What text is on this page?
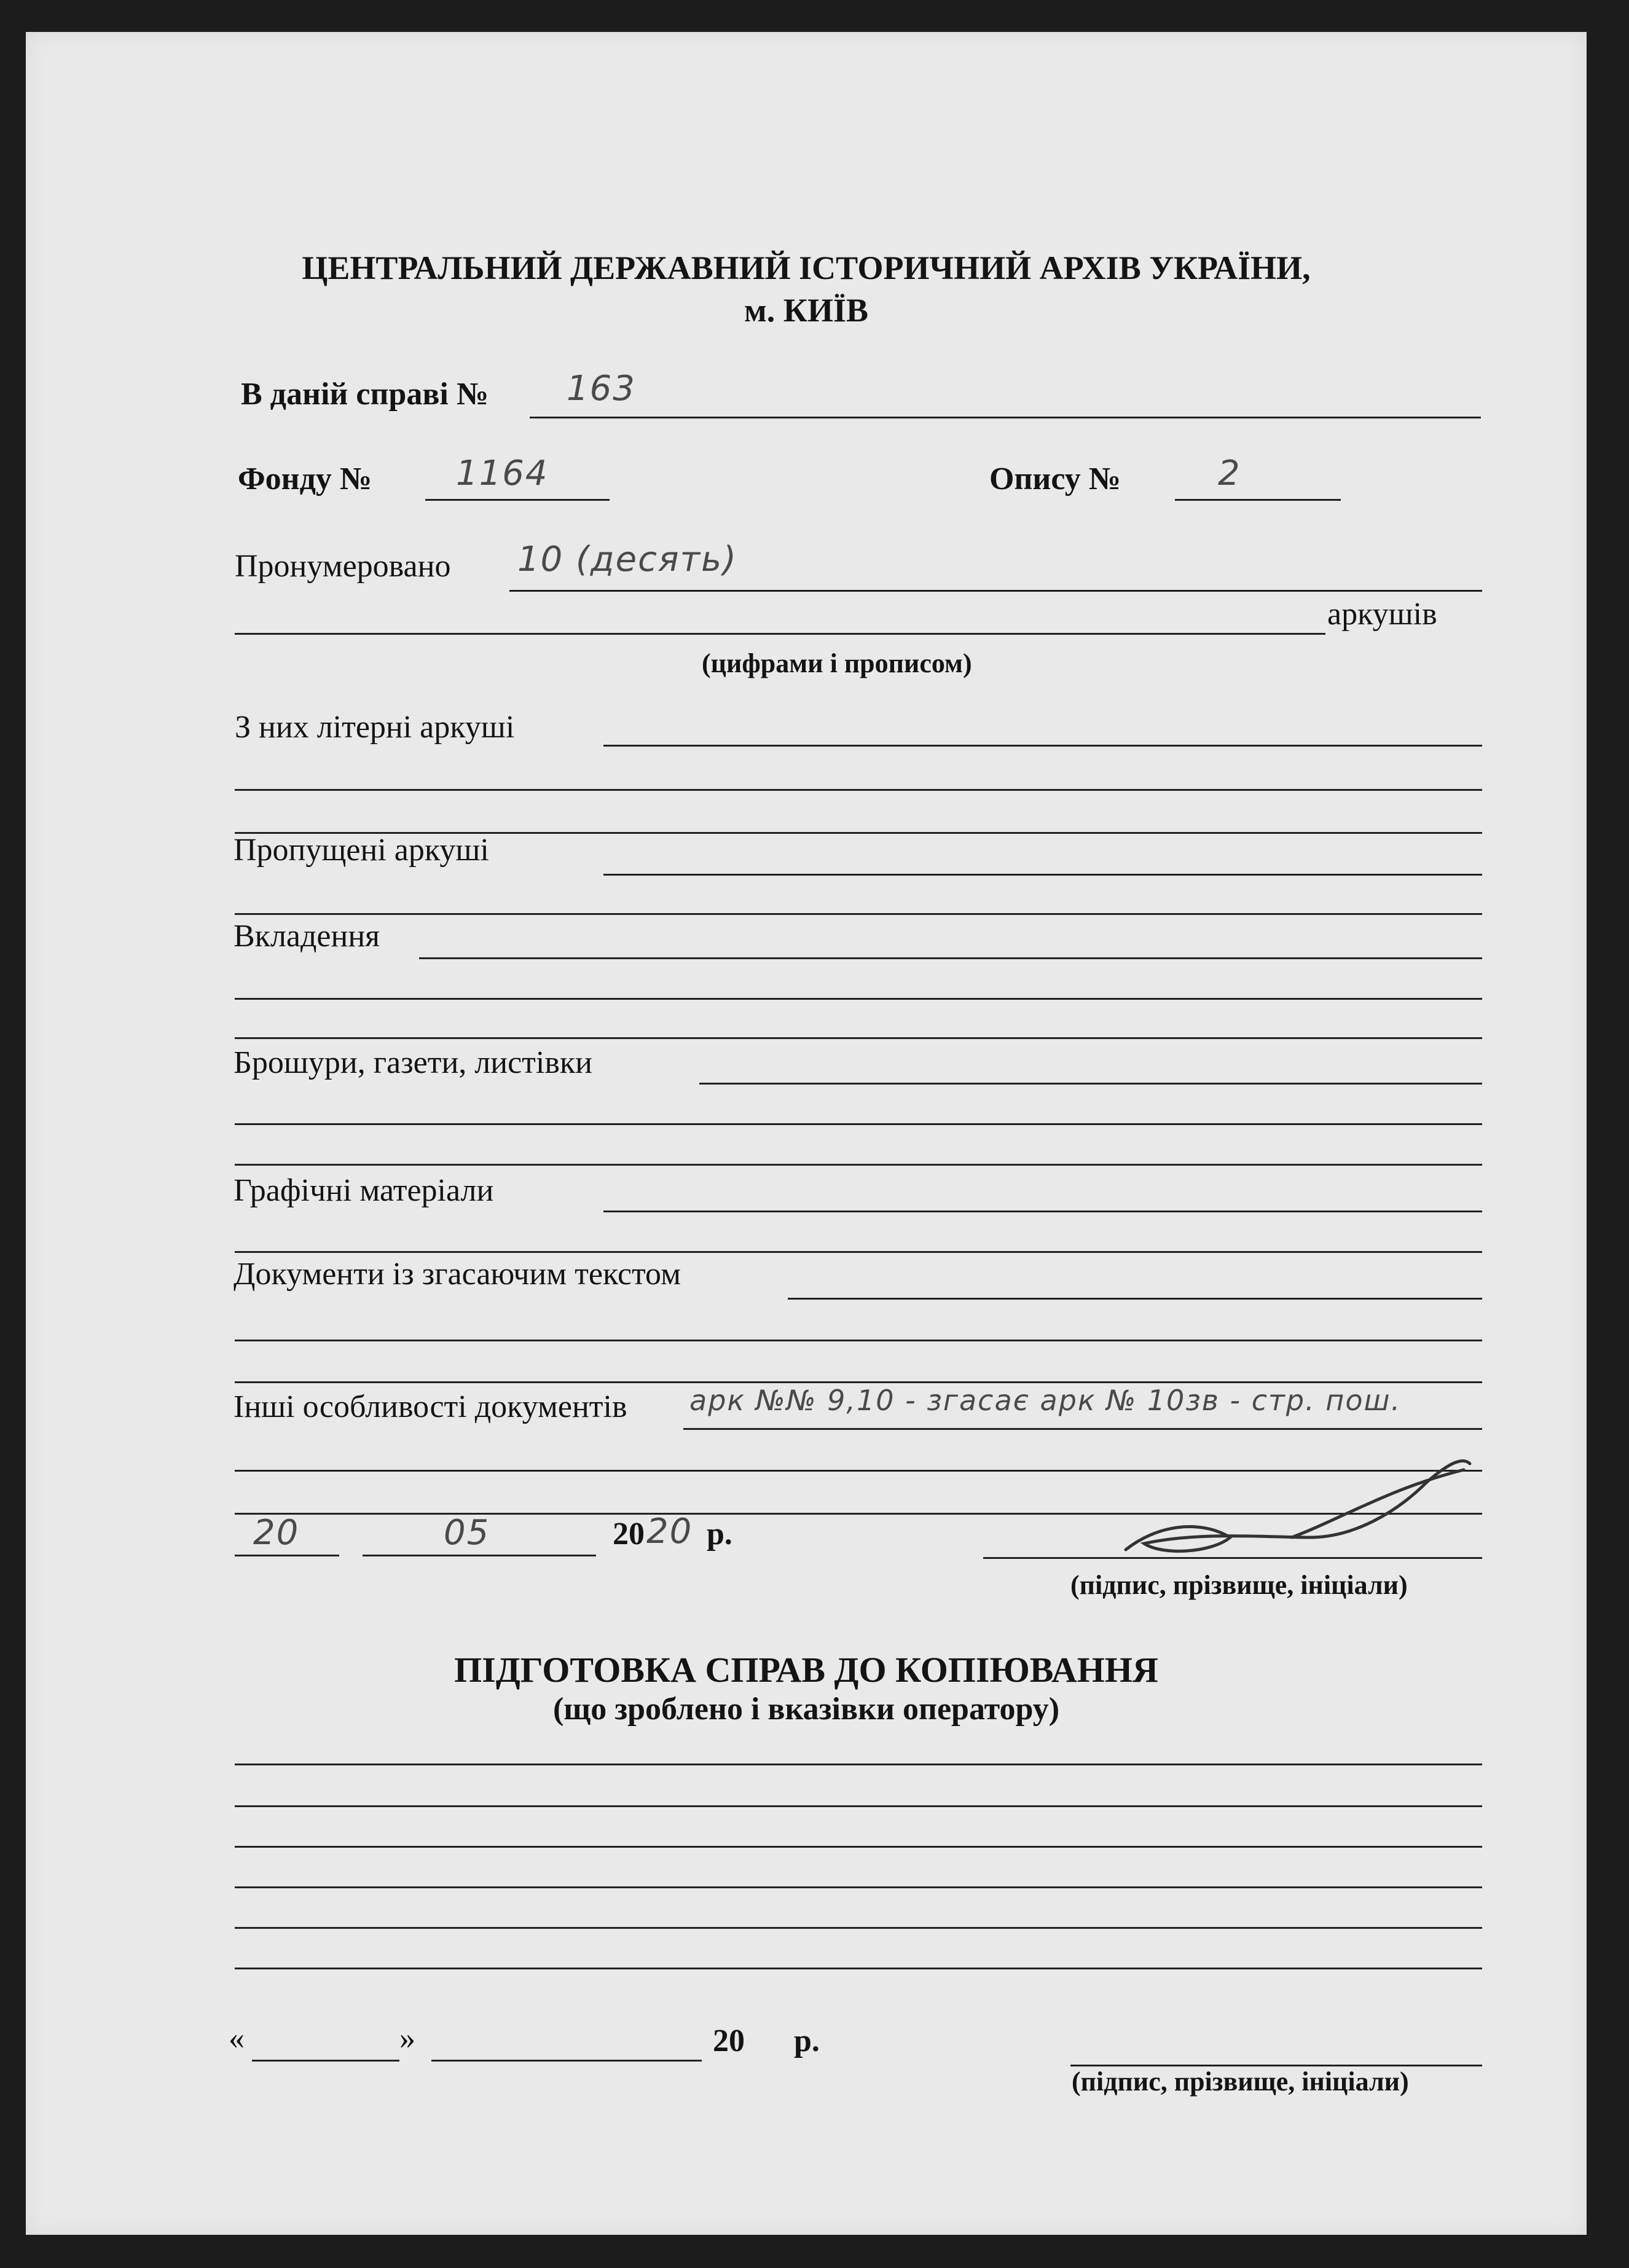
ЦЕНТРАЛЬНИЙ ДЕРЖАВНИЙ ІСТОРИЧНИЙ АРХІВ УКРАЇНИ,
м. КИЇВ
В даній справі № 163
Фонду № 1164	Опису №	2
Пронумеровано 10 (десять)
аркушів
(цифрами і прописом)
З них літерні аркуші
Пропущені аркуші
Вкладення
Брошури, газети, листівки
Графічні матеріали
Документи із згасаючим текстом
Інші особливості документів арк №№ 9,10 - згасає арк № 10зв - стр. пош.
20	05	20 20 р.
(підпис, прізвище, ініціали)
ПІДГОТОВКА СПРАВ ДО КОПІЮВАННЯ
(що зроблено і вказівки оператору)
«	»	20 р.
(підпис, прізвище, ініціали)
